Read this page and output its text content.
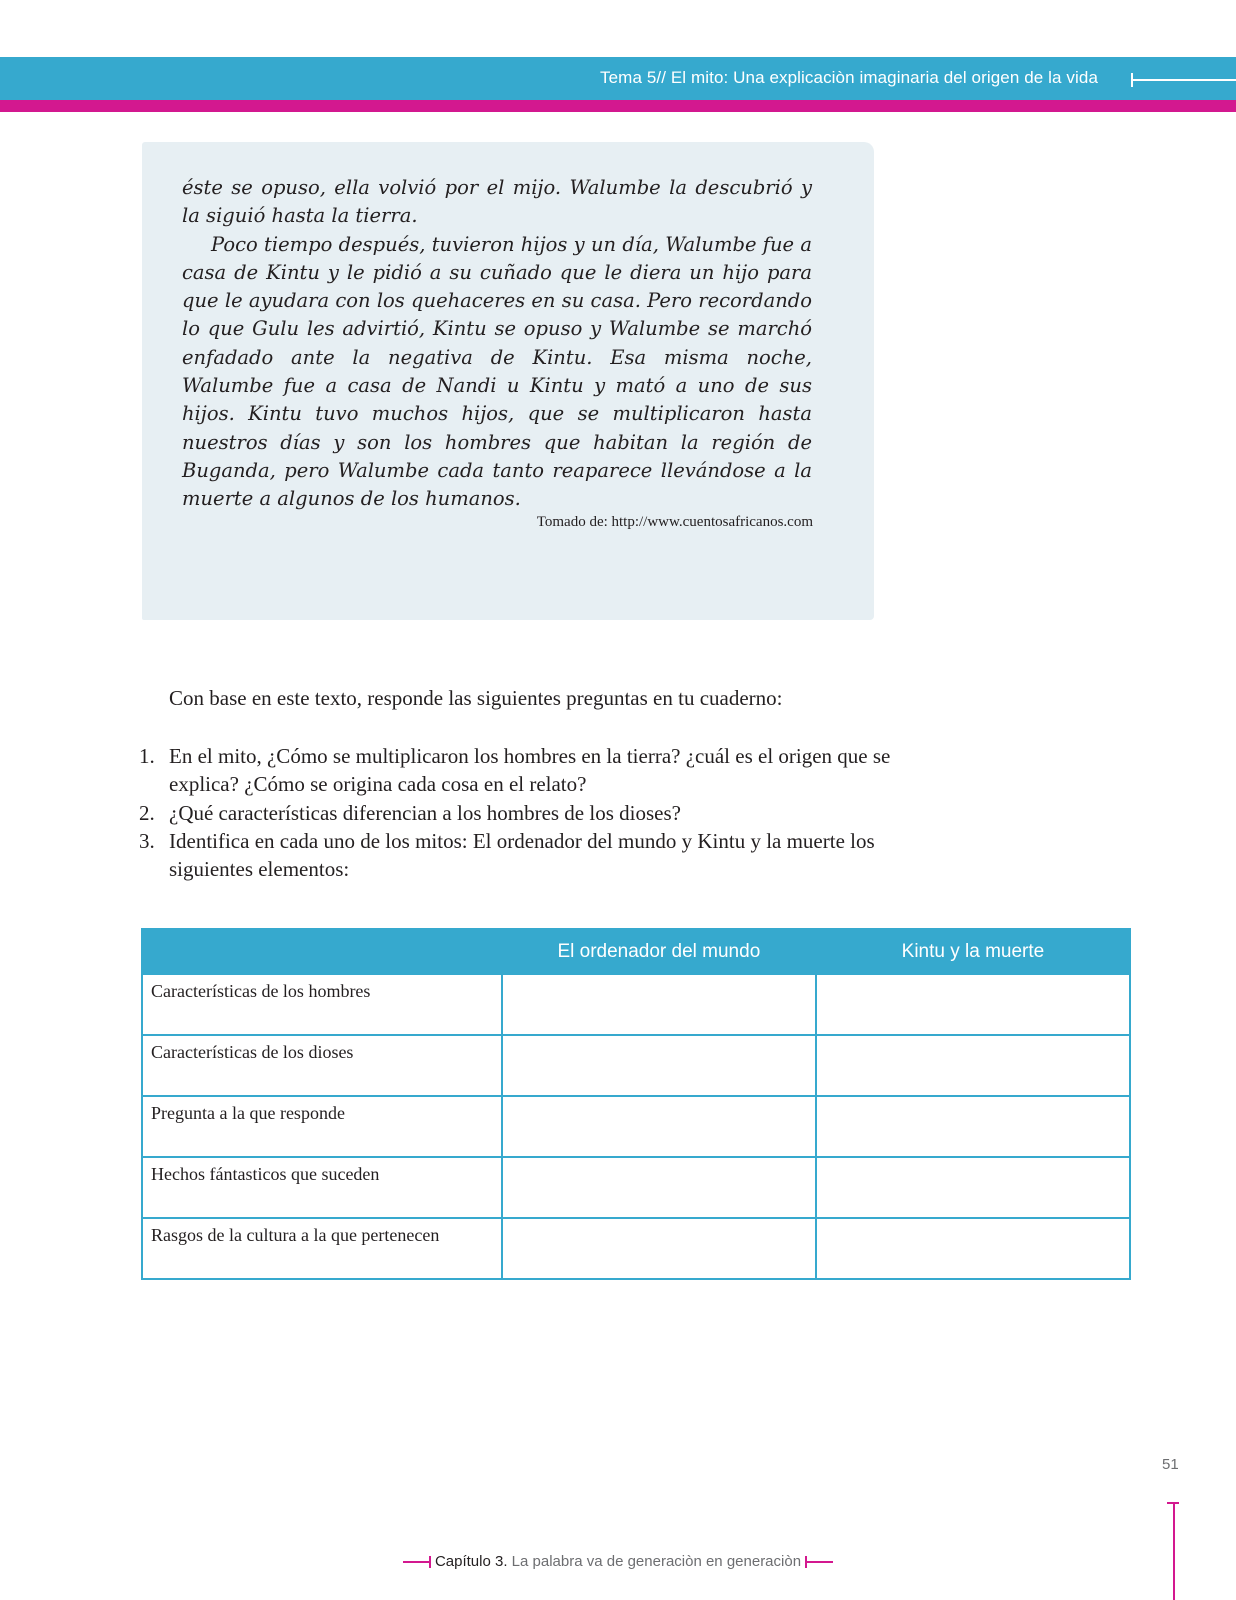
Tema 5// El mito: Una explicaciòn imaginaria del origen de la vida

éste se opuso, ella volvió por el mijo. Walumbe la descubrió y la siguió hasta la tierra.

Poco tiempo después, tuvieron hijos y un día, Walumbe fue a casa de Kintu y le pidió a su cuñado que le diera un hijo para que le ayudara con los quehaceres en su casa. Pero recordando lo que Gulu les advirtió, Kintu se opuso y Walumbe se marchó enfadado ante la negativa de Kintu. Esa misma noche, Walumbe fue a casa de Nandi u Kintu y mató a uno de sus hijos. Kintu tuvo muchos hijos, que se multiplicaron hasta nuestros días y son los hombres que habitan la región de Buganda, pero Walumbe cada tanto reaparece llevándose a la muerte a algunos de los humanos.

Tomado de: http://www.cuentosafricanos.com
Con base en este texto, responde las siguientes preguntas en tu cuaderno:
1. En el mito, ¿Cómo se multiplicaron los hombres en la tierra? ¿cuál es el origen que se explica? ¿Cómo se origina cada cosa en el relato?
2. ¿Qué características diferencian a los hombres de los dioses?
3. Identifica en cada uno de los mitos: El ordenador del mundo y Kintu y la muerte los siguientes elementos:
	El ordenador del mundo	Kintu y la muerte
Características de los hombres		
Características de los dioses		
Pregunta a la que responde		
Hechos fántasticos que suceden		
Rasgos de la cultura a la que pertenecen		
51
Capítulo 3. La palabra va de generaciòn en generaciòn
